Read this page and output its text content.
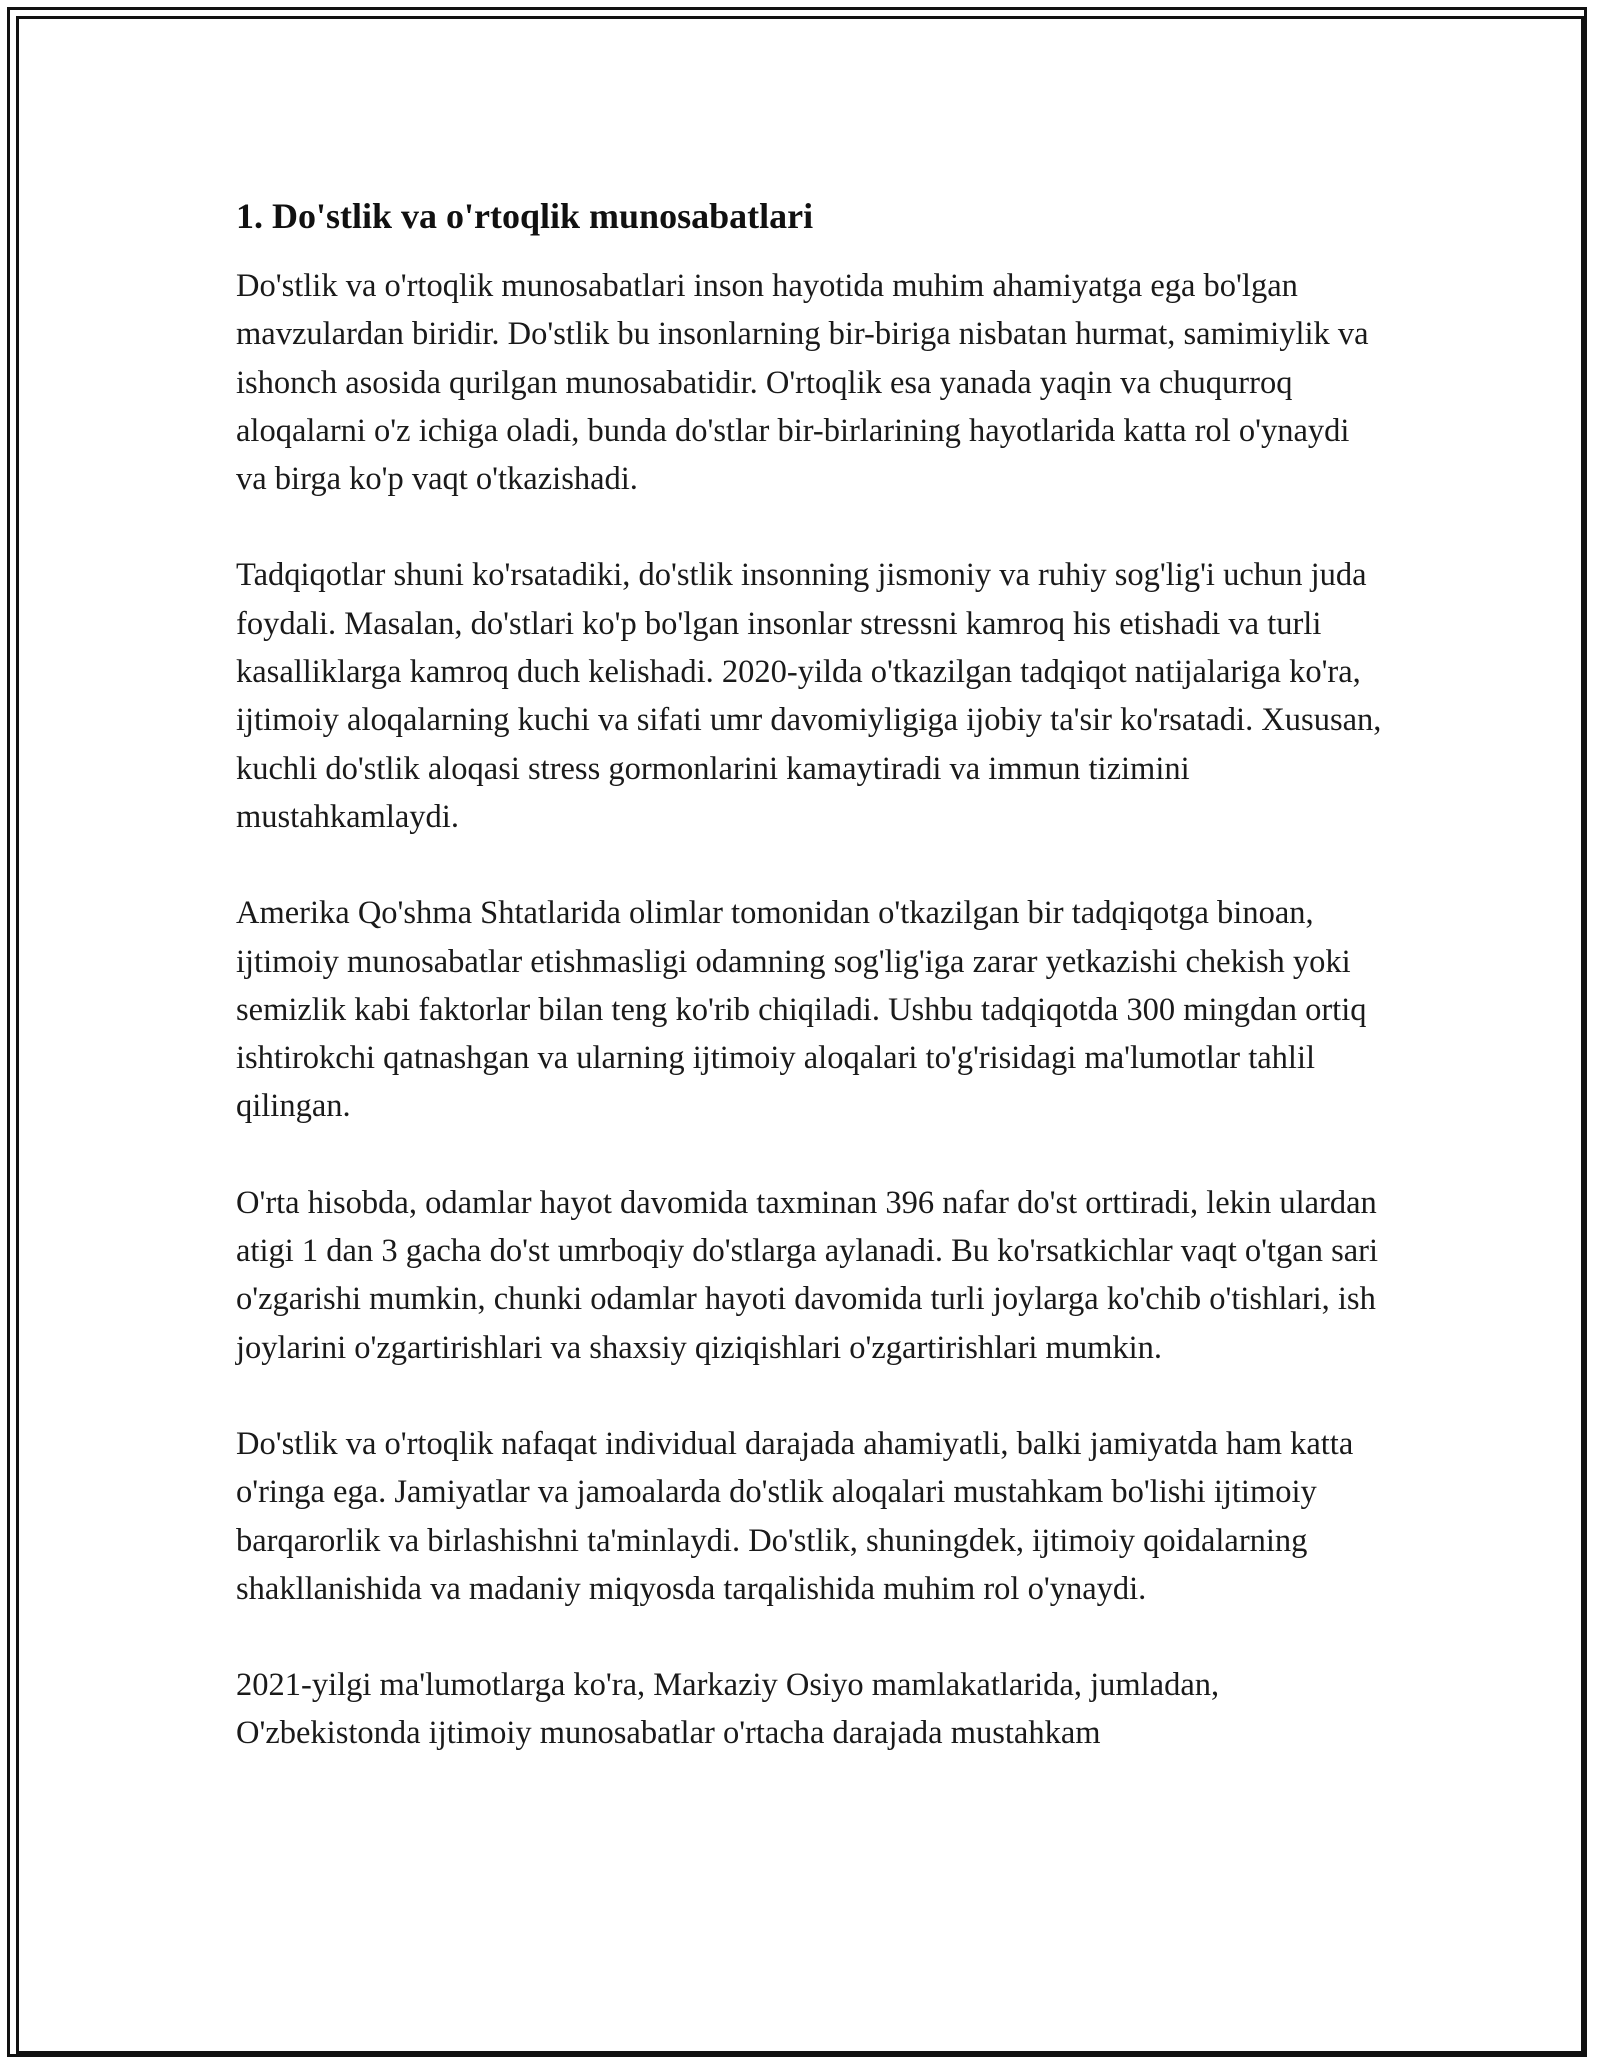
1. Do'stlik va o'rtoqlik munosabatlari

Do'stlik va o'rtoqlik munosabatlari inson hayotida muhim ahamiyatga ega bo'lgan mavzulardan biridir. Do'stlik bu insonlarning bir-biriga nisbatan hurmat, samimiylik va ishonch asosida qurilgan munosabatidir. O'rtoqlik esa yanada yaqin va chuqurroq aloqalarni o'z ichiga oladi, bunda do'stlar bir-birlarining hayotlarida katta rol o'ynaydi va birga ko'p vaqt o'tkazishadi.

Tadqiqotlar shuni ko'rsatadiki, do'stlik insonning jismoniy va ruhiy sog'lig'i uchun juda foydali. Masalan, do'stlari ko'p bo'lgan insonlar stressni kamroq his etishadi va turli kasalliklarga kamroq duch kelishadi. 2020-yilda o'tkazilgan tadqiqot natijalariga ko'ra, ijtimoiy aloqalarning kuchi va sifati umr davomiyligiga ijobiy ta'sir ko'rsatadi. Xususan, kuchli do'stlik aloqasi stress gormonlarini kamaytiradi va immun tizimini mustahkamlaydi.

Amerika Qo'shma Shtatlarida olimlar tomonidan o'tkazilgan bir tadqiqotga binoan, ijtimoiy munosabatlar etishmasligi odamning sog'lig'iga zarar yetkazishi chekish yoki semizlik kabi faktorlar bilan teng ko'rib chiqiladi. Ushbu tadqiqotda 300 mingdan ortiq ishtirokchi qatnashgan va ularning ijtimoiy aloqalari to'g'risidagi ma'lumotlar tahlil qilingan.

O'rta hisobda, odamlar hayot davomida taxminan 396 nafar do'st orttiradi, lekin ulardan atigi 1 dan 3 gacha do'st umrboqiy do'stlarga aylanadi. Bu ko'rsatkichlar vaqt o'tgan sari o'zgarishi mumkin, chunki odamlar hayoti davomida turli joylarga ko'chib o'tishlari, ish joylarini o'zgartirishlari va shaxsiy qiziqishlari o'zgartirishlari mumkin.

Do'stlik va o'rtoqlik nafaqat individual darajada ahamiyatli, balki jamiyatda ham katta o'ringa ega. Jamiyatlar va jamoalarda do'stlik aloqalari mustahkam bo'lishi ijtimoiy barqarorlik va birlashishni ta'minlaydi. Do'stlik, shuningdek, ijtimoiy qoidalarning shakllanishida va madaniy miqyosda tarqalishida muhim rol o'ynaydi.

2021-yilgi ma'lumotlarga ko'ra, Markaziy Osiyo mamlakatlarida, jumladan, O'zbekistonda ijtimoiy munosabatlar o'rtacha darajada mustahkam
